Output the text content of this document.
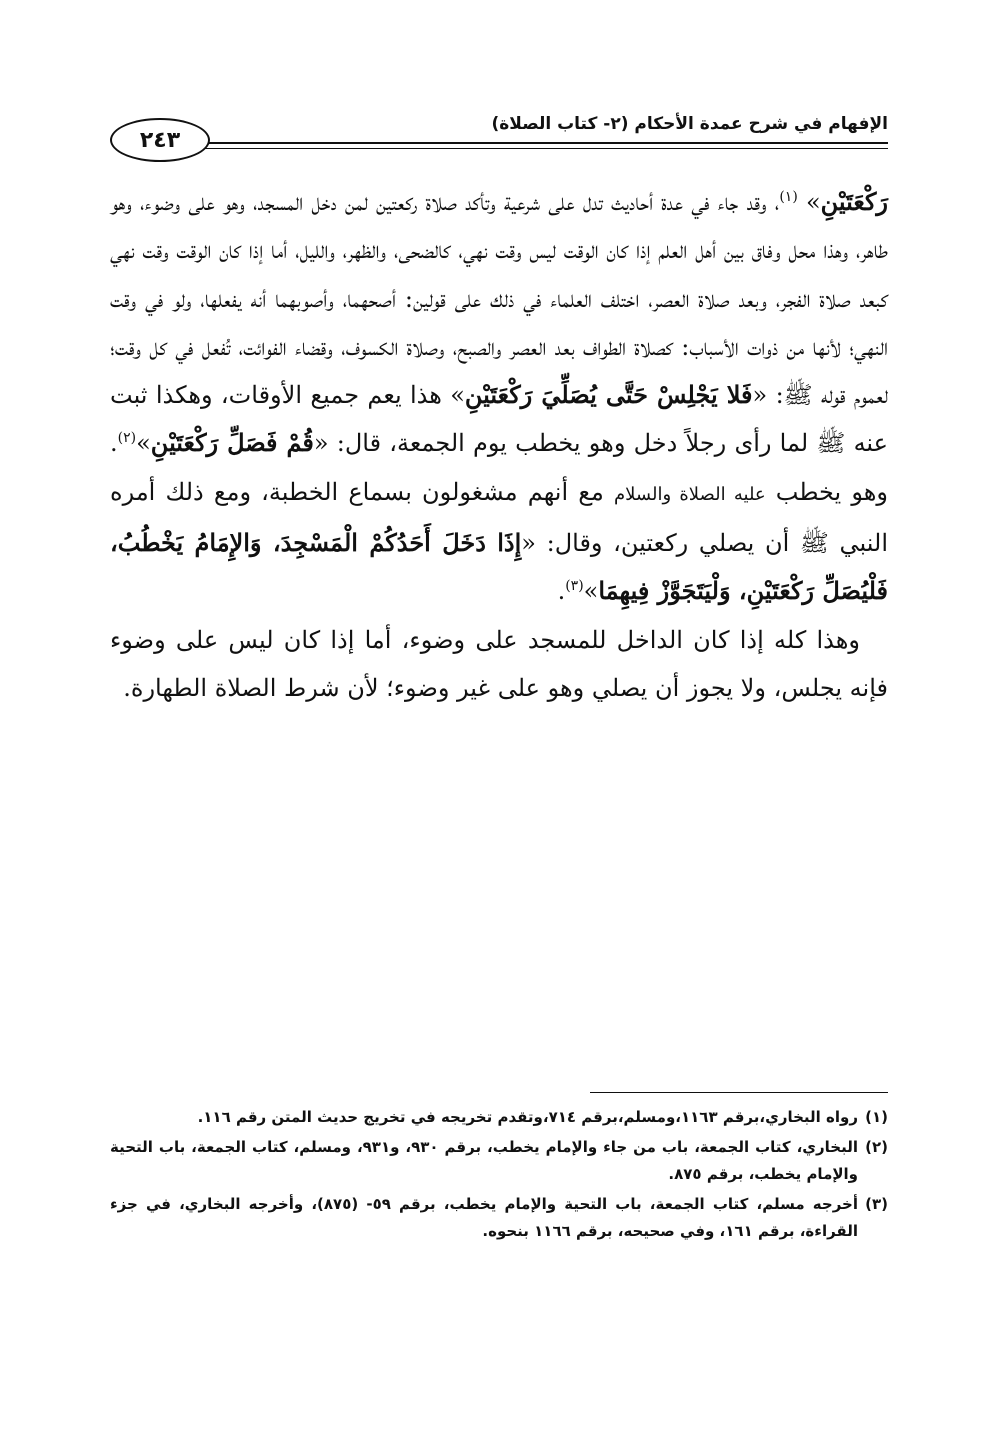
٢٤٣
الإفهام في شرح عمدة الأحكام (٢- كتاب الصلاة)

رَكْعَتَيْنِ» $^{(١)}$، وقد جاء في عدة أحاديث تدل على شرعية وتأكد صلاة ركعتين لمن دخل المسجد، وهو على وضوء، وهو طاهر، وهذا محل وفاق بين أهل العلم إذا كان الوقت ليس وقت نهي، كالضحى، والظهر، والليل، أما إذا كان الوقت وقت نهي كبعد صلاة الفجر، وبعد صلاة العصر، اختلف العلماء في ذلك على قولين: أصحهما، وأصوبهما أنه يفعلها، ولو في وقت النهي؛ لأنها من ذوات الأسباب: كصلاة الطواف بعد العصر والصبح، وصلاة الكسوف، وقضاء الفوائت، تُفعل في كل وقت؛ لعموم قوله ﷺ: «فَلا يَجْلِسْ حَتَّى يُصَلِّيَ رَكْعَتَيْنِ» هذا يعم جميع الأوقات، وهكذا ثبت عنه ﷺ لما رأى رجلاً دخل وهو يخطب يوم الجمعة، قال: «قُمْ فَصَلِّ رَكْعَتَيْنِ»$^{(٢)}$. وهو يخطب عليه الصلاة والسلام مع أنهم مشغولون بسماع الخطبة، ومع ذلك أمره النبي ﷺ أن يصلي ركعتين، وقال: «إِذَا دَخَلَ أَحَدُكُمْ الْمَسْجِدَ، وَالإِمَامُ يَخْطُبُ، فَلْيُصَلِّ رَكْعَتَيْنِ، وَلْيَتَجَوَّزْ فِيهِمَا»$^{(٣)}$.

وهذا كله إذا كان الداخل للمسجد على وضوء، أما إذا كان ليس على وضوء فإنه يجلس، ولا يجوز أن يصلي وهو على غير وضوء؛ لأن شرط الصلاة الطهارة.

(١)
رواه البخاري،برقم ١١٦٣،ومسلم،برقم ٧١٤،وتقدم تخريجه في تخريج حديث المتن رقم ١١٦.
(٢)
البخاري، كتاب الجمعة، باب من جاء والإمام يخطب، برقم ٩٣٠، و٩٣١، ومسلم، كتاب الجمعة، باب التحية والإمام يخطب، برقم ٨٧٥.
(٣)
أخرجه مسلم، كتاب الجمعة، باب التحية والإمام يخطب، برقم ٥٩- (٨٧٥)، وأخرجه البخاري، في جزء القراءة، برقم ١٦١، وفي صحيحه، برقم ١١٦٦ بنحوه.
